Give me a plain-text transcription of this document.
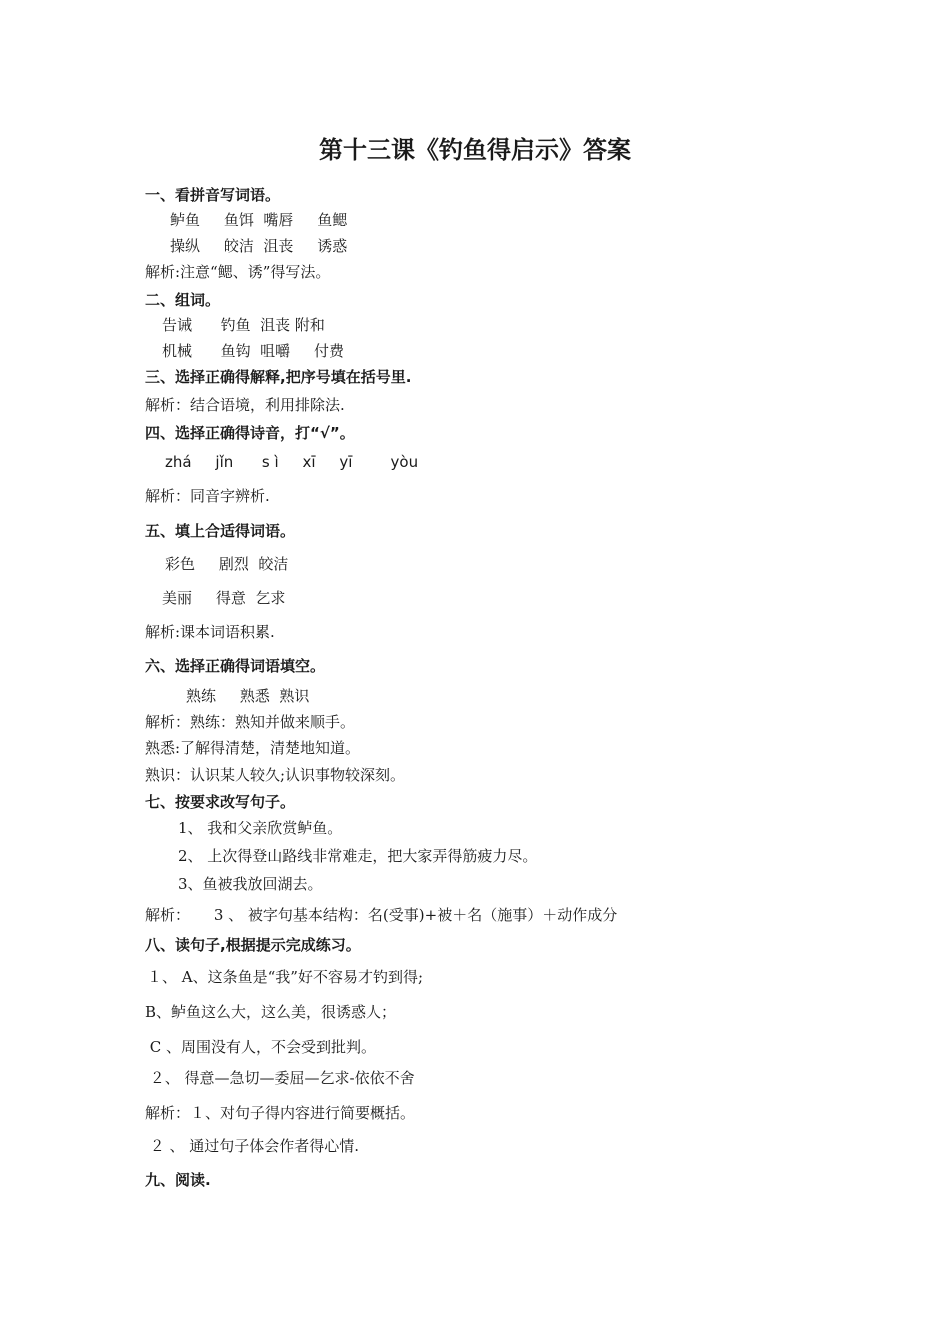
第十三课《钓鱼得启示》答案
一、看拼音写词语。
鲈鱼     鱼饵  嘴唇     鱼鳃
操纵     皎洁  沮丧     诱惑
解析:注意“鳃、诱”得写法。
二、组词。
告诫      钓鱼  沮丧 附和
机械      鱼钩  咀嚼     付费
三、选择正确得解释,把序号填在括号里.
解析：结合语境，利用排除法.
四、选择正确得诗音，打“√”。
zhá     jǐn      s ì     xī     yī        yòu
解析：同音字辨析.
五、填上合适得词语。
彩色     剧烈  皎洁
美丽     得意  乞求
解析:课本词语积累.
六、选择正确得词语填空。
熟练     熟悉  熟识
解析：熟练：熟知并做来顺手。
熟悉:了解得清楚，清楚地知道。
熟识：认识某人较久;认识事物较深刻。
七、按要求改写句子。
1、 我和父亲欣赏鲈鱼。
2、 上次得登山路线非常难走，把大家弄得筋疲力尽。
3、鱼被我放回湖去。
解析：     3 、 被字句基本结构：名(受事)+被＋名（施事）＋动作成分
八、读句子,根据提示完成练习。
１、 A、这条鱼是“我”好不容易才钓到得;
B、鲈鱼这么大，这么美，很诱惑人；
C 、周围没有人，不会受到批判。
２、 得意—急切—委屈—乞求-依依不舍
解析：１、对句子得内容进行简要概括。
２ 、 通过句子体会作者得心情.
九、阅读.
